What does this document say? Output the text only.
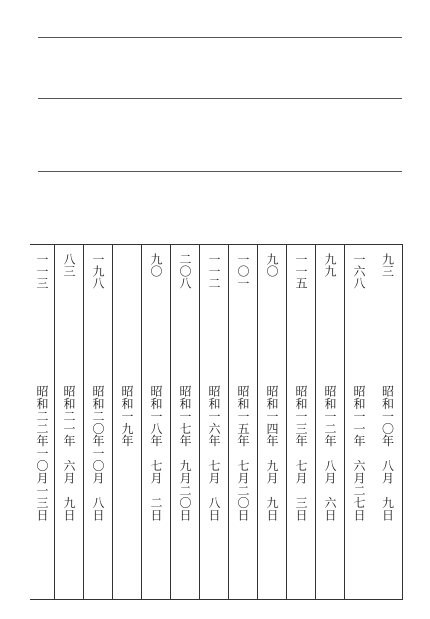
九三
昭和一〇年　八月　九日
一六八
昭和一一年　六月二七日
九九
昭和一二年　八月　六日
一一五
昭和一三年　七月　三日
九〇
昭和一四年　九月　九日
一〇一
昭和一五年　七月二〇日
一一二
昭和一六年　七月　八日
二〇八
昭和一七年　九月二〇日
九〇
昭和一八年　七月　二日
昭和一九年
一九八
昭和二〇年一〇月　八日
八三
昭和二一年　六月　九日
一一三
昭和二二年一〇月一三日
